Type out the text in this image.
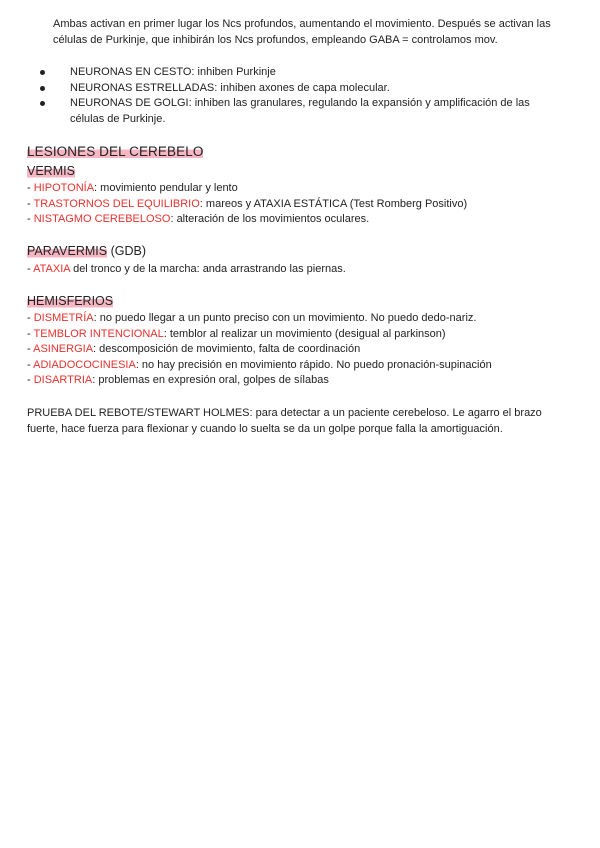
Ambas activan en primer lugar los Ncs profundos, aumentando el movimiento. Después se activan las células de Purkinje, que inhibirán los Ncs profundos, empleando GABA = controlamos mov.

NEURONAS EN CESTO: inhiben Purkinje
NEURONAS ESTRELLADAS: inhiben axones de capa molecular.
NEURONAS DE GOLGI: inhiben las granulares, regulando la expansión y amplificación de las células de Purkinje.
LESIONES DEL CEREBELO
VERMIS
- HIPOTONÍA: movimiento pendular y lento
- TRASTORNOS DEL EQUILIBRIO: mareos y ATAXIA ESTÁTICA (Test Romberg Positivo)
- NISTAGMO CEREBELOSO: alteración de los movimientos oculares.
PARAVERMIS (GDB)
- ATAXIA del tronco y de la marcha: anda arrastrando las piernas.
HEMISFERIOS
- DISMETRÍA: no puedo llegar a un punto preciso con un movimiento. No puedo dedo-nariz.
- TEMBLOR INTENCIONAL: temblor al realizar un movimiento (desigual al parkinson)
- ASINERGIA: descomposición de movimiento, falta de coordinación
- ADIADOCOCINESIA: no hay precisión en movimiento rápido. No puedo pronación-supinación
- DISARTRIA: problemas en expresión oral, golpes de sílabas

PRUEBA DEL REBOTE/STEWART HOLMES: para detectar a un paciente cerebeloso. Le agarro el brazo fuerte, hace fuerza para flexionar y cuando lo suelta se da un golpe porque falla la amortiguación.
